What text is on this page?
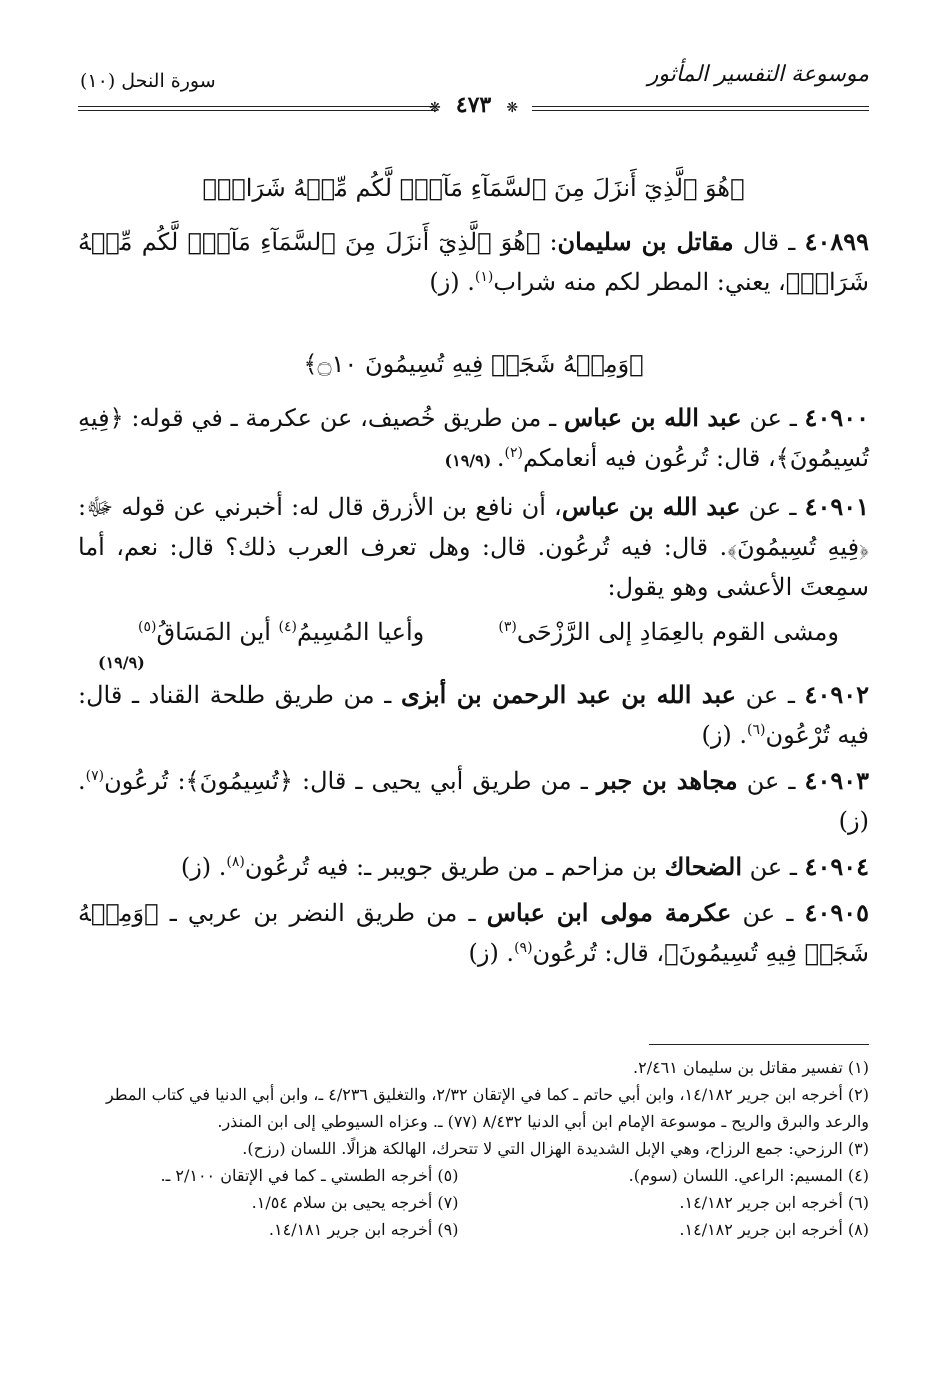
موسوعة التفسير المأثور
سورة النحل (١٠)
❋ ٤٧٣ ❋
﴿هُوَ ٱلَّذِيٓ أَنزَلَ مِنَ ٱلسَّمَآءِ مَآءٗۖ لَّكُم مِّنۡهُ شَرَابٞ﴾

٤٠٨٩٩ ـ قال مقاتل بن سليمان: ﴿هُوَ ٱلَّذِيٓ أَنزَلَ مِنَ ٱلسَّمَآءِ مَآءٗۖ لَّكُم مِّنۡهُ شَرَابٞ﴾، يعني: المطر لكم منه شراب$^{(١)}$. (ز)

﴿وَمِنۡهُ شَجَرٞ فِيهِ تُسِيمُونَ ۝١٠﴾

٤٠٩٠٠ ـ عن عبد الله بن عباس ـ من طريق خُصيف، عن عكرمة ـ في قوله: ﴿فِيهِ تُسِيمُونَ﴾، قال: تُرعُون فيه أنعامكم$^{(٢)}$. (١٩/٩)

٤٠٩٠١ ـ عن عبد الله بن عباس، أن نافع بن الأزرق قال له: أخبرني عن قوله ﷻ: ﴿فِيهِ تُسِيمُونَ﴾. قال: فيه تُرعُون. قال: وهل تعرف العرب ذلك؟ قال: نعم، أما سمِعتَ الأعشى وهو يقول:

ومشى القوم بالعِمَادِ إلى الرَّزْحَى$^{(٣)}$
وأعيا المُسِيمُ$^{(٤)}$ أين المَسَاقُ$^{(٥)}$
(١٩/٩)

٤٠٩٠٢ ـ عن عبد الله بن عبد الرحمن بن أبزى ـ من طريق طلحة القناد ـ قال: فيه تُرْعُون$^{(٦)}$. (ز)

٤٠٩٠٣ ـ عن مجاهد بن جبر ـ من طريق أبي يحيى ـ قال: ﴿تُسِيمُونَ﴾: تُرعُون$^{(٧)}$. (ز)

٤٠٩٠٤ ـ عن الضحاك بن مزاحم ـ من طريق جويبر ـ: فيه تُرعُون$^{(٨)}$. (ز)

٤٠٩٠٥ ـ عن عكرمة مولى ابن عباس ـ من طريق النضر بن عربي ـ ﴿وَمِنۡهُ شَجَرٞ فِيهِ تُسِيمُونَ﴾، قال: تُرعُون$^{(٩)}$. (ز)

(١) تفسير مقاتل بن سليمان ٢/٤٦١.

(٢) أخرجه ابن جرير ١٤/١٨٢، وابن أبي حاتم ـ كما في الإتقان ٢/٣٢، والتغليق ٤/٢٣٦ ـ، وابن أبي الدنيا في كتاب المطر والرعد والبرق والريح ـ موسوعة الإمام ابن أبي الدنيا ٨/٤٣٢ (٧٧) ـ. وعزاه السيوطي إلى ابن المنذر.

(٣) الرزحي: جمع الرزاح، وهي الإبل الشديدة الهزال التي لا تتحرك، الهالكة هزالًا. اللسان (رزح).

(٤) المسيم: الراعي. اللسان (سوم).

(٥) أخرجه الطستي ـ كما في الإتقان ٢/١٠٠ ـ.

(٦) أخرجه ابن جرير ١٤/١٨٢.

(٧) أخرجه يحيى بن سلام ١/٥٤.

(٨) أخرجه ابن جرير ١٤/١٨٢.

(٩) أخرجه ابن جرير ١٤/١٨١.
